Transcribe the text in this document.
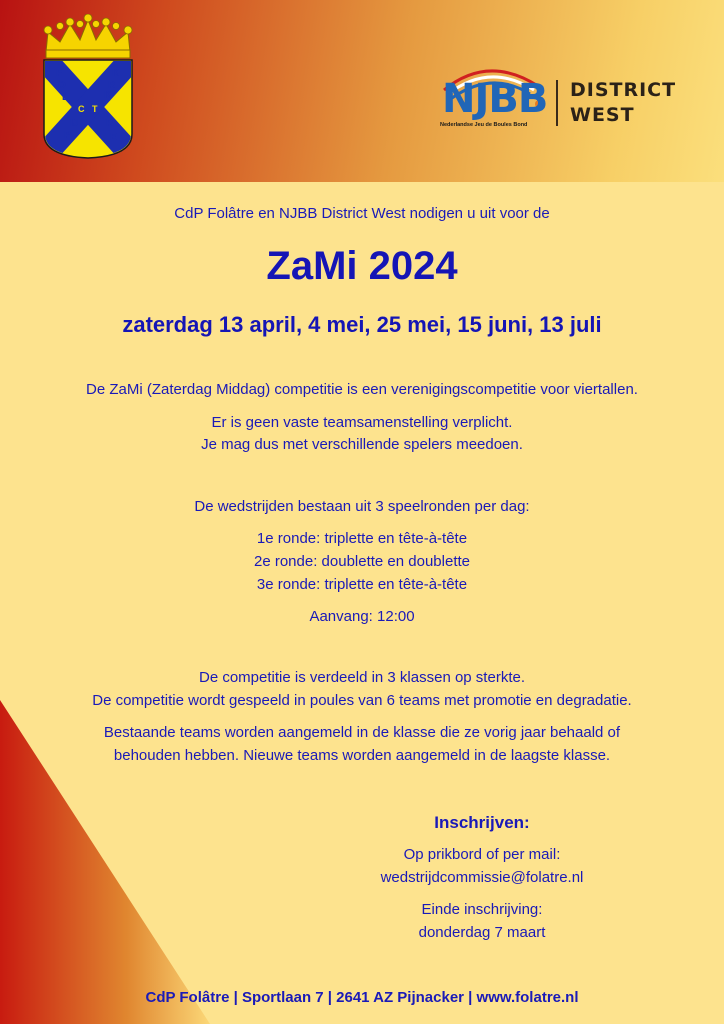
F
O
L
K
R
K
IJ
P
R
E
C T	NJBB
Nederlandse Jeu de Boules Bond
DISTRICT
WEST
CdP Folâtre en NJBB District West nodigen u uit voor de
ZaMi 2024
zaterdag 13 april, 4 mei, 25 mei, 15 juni, 13 juli
De ZaMi (Zaterdag Middag) competitie is een verenigingscompetitie voor viertallen.
Er is geen vaste teamsamenstelling verplicht.
Je mag dus met verschillende spelers meedoen.
De wedstrijden bestaan uit 3 speelronden per dag:
1e ronde: triplette en tête-à-tête
2e ronde: doublette en doublette
3e ronde: triplette en tête-à-tête
Aanvang: 12:00
De competitie is verdeeld in 3 klassen op sterkte.
De competitie wordt gespeeld in poules van 6 teams met promotie en degradatie.
Bestaande teams worden aangemeld in de klasse die ze vorig jaar behaald of
behouden hebben. Nieuwe teams worden aangemeld in de laagste klasse.
Inschrijven:
Op prikbord of per mail:
wedstrijdcommissie@folatre.nl
Einde inschrijving:
donderdag 7 maart
CdP Folâtre | Sportlaan 7 | 2641 AZ Pijnacker | www.folatre.nl
